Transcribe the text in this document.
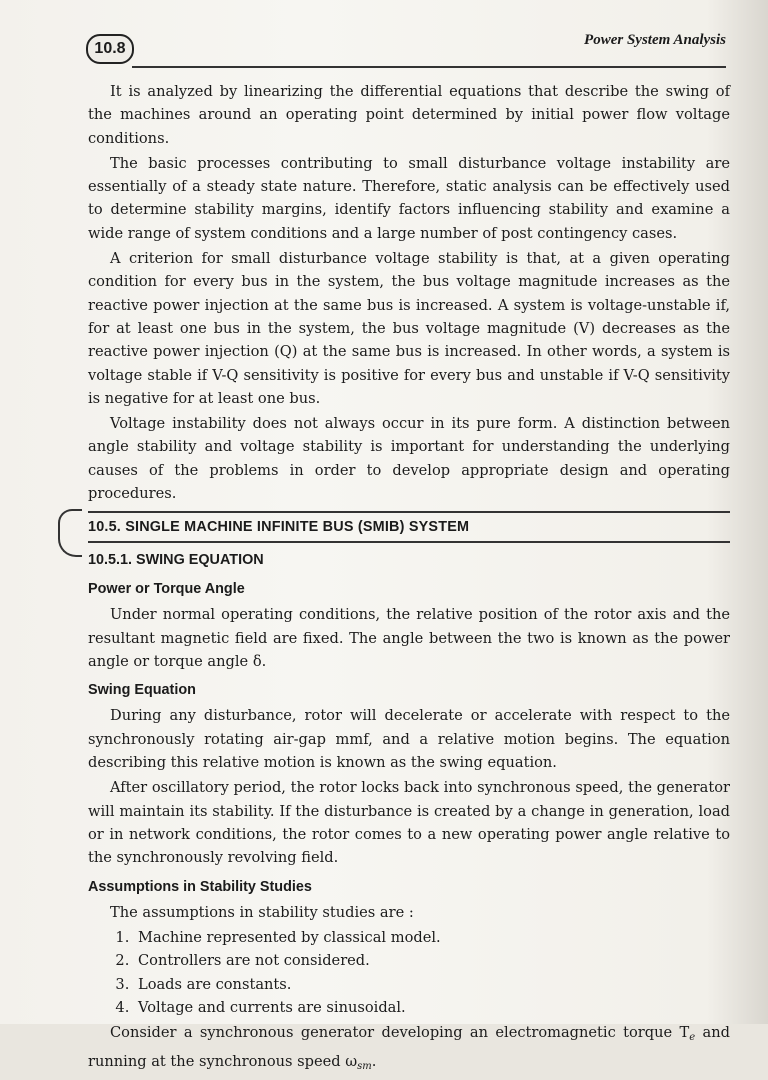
10.8	Power System Analysis

It is analyzed by linearizing the differential equations that describe the swing of the machines around an operating point determined by initial power flow voltage conditions.

The basic processes contributing to small disturbance voltage instability are essentially of a steady state nature. Therefore, static analysis can be effectively used to determine stability margins, identify factors influencing stability and examine a wide range of system conditions and a large number of post contingency cases.

A criterion for small disturbance voltage stability is that, at a given operating condition for every bus in the system, the bus voltage magnitude increases as the reactive power injection at the same bus is increased. A system is voltage-unstable if, for at least one bus in the system, the bus voltage magnitude (V) decreases as the reactive power injection (Q) at the same bus is increased. In other words, a system is voltage stable if V-Q sensitivity is positive for every bus and unstable if V-Q sensitivity is negative for at least one bus.

Voltage instability does not always occur in its pure form. A distinction between angle stability and voltage stability is important for understanding the underlying causes of the problems in order to develop appropriate design and operating procedures.

10.5. SINGLE MACHINE INFINITE BUS (SMIB) SYSTEM
10.5.1. SWING EQUATION
Power or Torque Angle

Under normal operating conditions, the relative position of the rotor axis and the resultant magnetic field are fixed. The angle between the two is known as the power angle or torque angle δ.

Swing Equation

During any disturbance, rotor will decelerate or accelerate with respect to the synchronously rotating air-gap mmf, and a relative motion begins. The equation describing this relative motion is known as the swing equation.

After oscillatory period, the rotor locks back into synchronous speed, the generator will maintain its stability. If the disturbance is created by a change in generation, load or in network conditions, the rotor comes to a new operating power angle relative to the synchronously revolving field.

Assumptions in Stability Studies

The assumptions in stability studies are :

1. Machine represented by classical model.
2. Controllers are not considered.
3. Loads are constants.
4. Voltage and currents are sinusoidal.

Consider a synchronous generator developing an electromagnetic torque $T_e$ and running at the synchronous speed $\omega_{sm}$.
